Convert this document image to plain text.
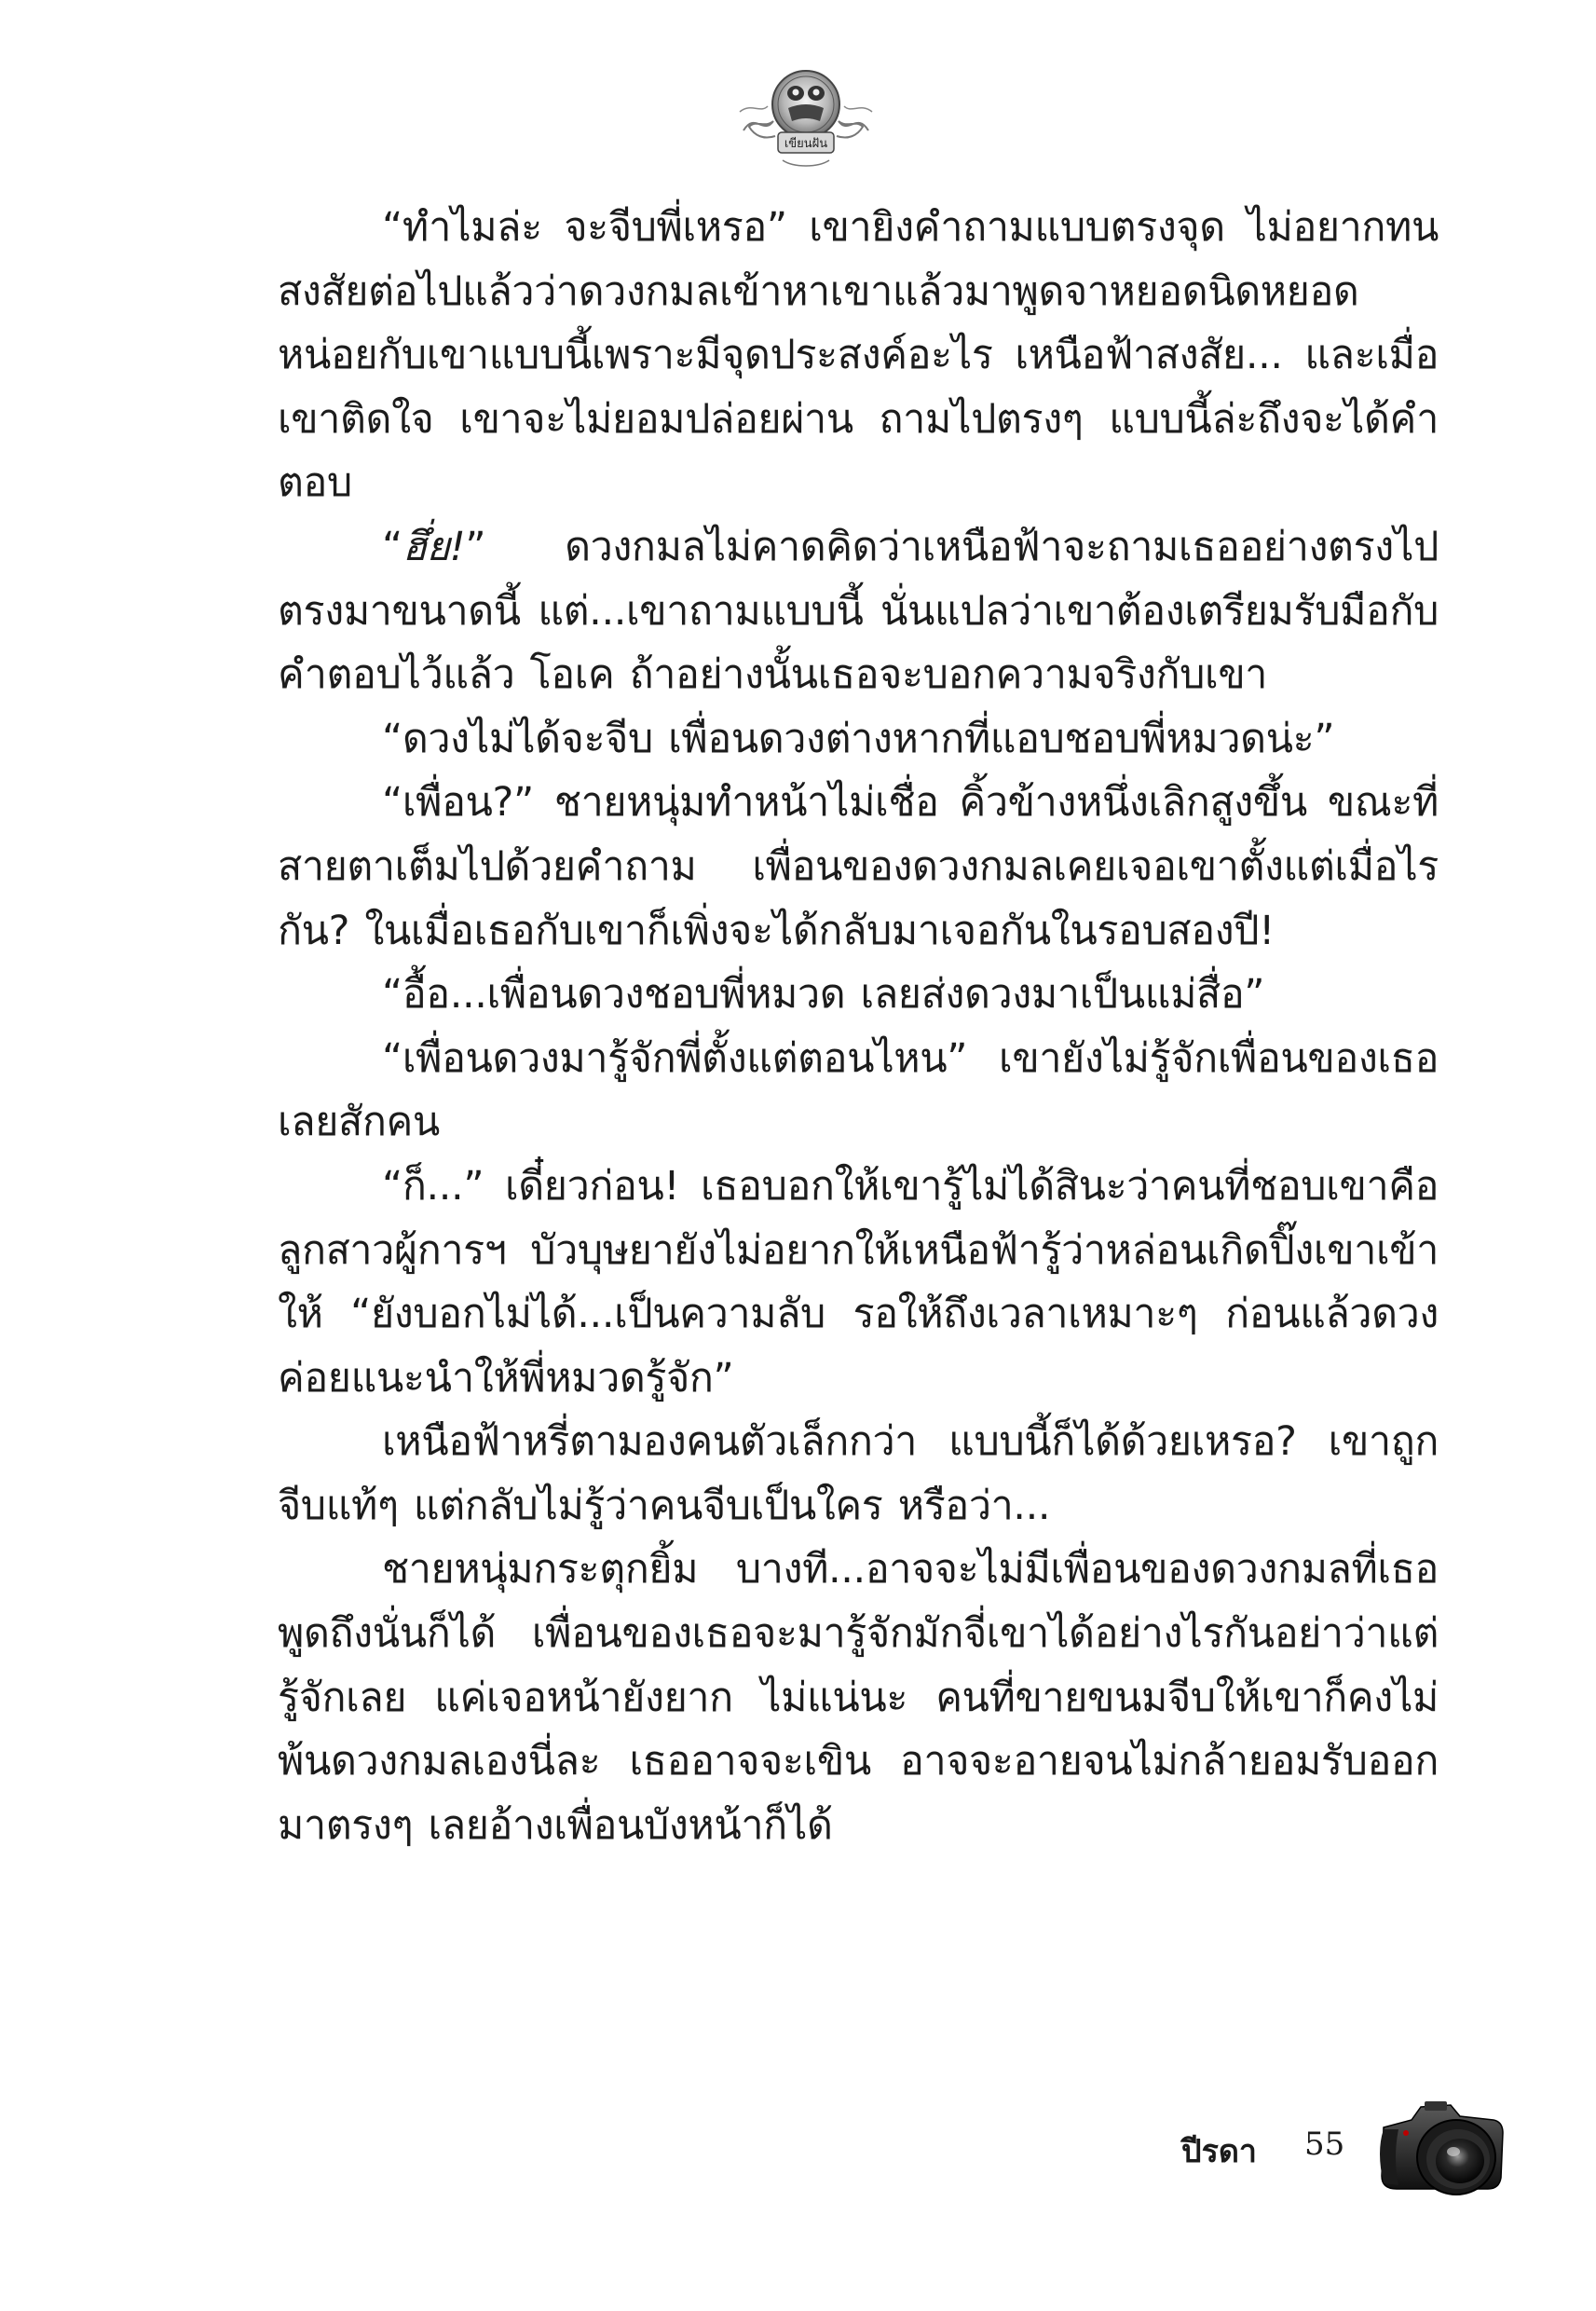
เขียนฝัน

“ทำไมล่ะ จะจีบพี่เหรอ” เขายิงคำถามแบบตรงจุด ไม่อยากทนสงสัยต่อไปแล้วว่าดวงกมลเข้าหาเขาแล้วมาพูดจาหยอดนิดหยอดหน่อยกับเขาแบบนี้เพราะมีจุดประสงค์อะไร เหนือฟ้าสงสัย... และเมื่อเขาติดใจ เขาจะไม่ยอมปล่อยผ่าน ถามไปตรงๆ แบบนี้ล่ะถึงจะได้คำตอบ

“ฮึ่ย!” ดวงกมลไม่คาดคิดว่าเหนือฟ้าจะถามเธออย่างตรงไปตรงมาขนาดนี้ แต่...เขาถามแบบนี้ นั่นแปลว่าเขาต้องเตรียมรับมือกับคำตอบไว้แล้ว โอเค ถ้าอย่างนั้นเธอจะบอกความจริงกับเขา

“ดวงไม่ได้จะจีบ เพื่อนดวงต่างหากที่แอบชอบพี่หมวดน่ะ”

“เพื่อน?” ชายหนุ่มทำหน้าไม่เชื่อ คิ้วข้างหนึ่งเลิกสูงขึ้น ขณะที่สายตาเต็มไปด้วยคำถาม เพื่อนของดวงกมลเคยเจอเขาตั้งแต่เมื่อไรกัน? ในเมื่อเธอกับเขาก็เพิ่งจะได้กลับมาเจอกันในรอบสองปี!

“อื้อ...เพื่อนดวงชอบพี่หมวด เลยส่งดวงมาเป็นแม่สื่อ”

“เพื่อนดวงมารู้จักพี่ตั้งแต่ตอนไหน” เขายังไม่รู้จักเพื่อนของเธอเลยสักคน

“ก็...” เดี๋ยวก่อน! เธอบอกให้เขารู้ไม่ได้สินะว่าคนที่ชอบเขาคือลูกสาวผู้การฯ บัวบุษยายังไม่อยากให้เหนือฟ้ารู้ว่าหล่อนเกิดปิ๊งเขาเข้าให้ “ยังบอกไม่ได้...เป็นความลับ รอให้ถึงเวลาเหมาะๆ ก่อนแล้วดวงค่อยแนะนำให้พี่หมวดรู้จัก”

เหนือฟ้าหรี่ตามองคนตัวเล็กกว่า แบบนี้ก็ได้ด้วยเหรอ? เขาถูกจีบแท้ๆ แต่กลับไม่รู้ว่าคนจีบเป็นใคร หรือว่า...

ชายหนุ่มกระตุกยิ้ม บางที...อาจจะไม่มีเพื่อนของดวงกมลที่เธอพูดถึงนั่นก็ได้ เพื่อนของเธอจะมารู้จักมักจี่เขาได้อย่างไรกันอย่าว่าแต่รู้จักเลย แค่เจอหน้ายังยาก ไม่แน่นะ คนที่ขายขนมจีบให้เขาก็คงไม่พ้นดวงกมลเองนี่ละ เธออาจจะเขิน อาจจะอายจนไม่กล้ายอมรับออกมาตรงๆ เลยอ้างเพื่อนบังหน้าก็ได้

ปีรดา 55
